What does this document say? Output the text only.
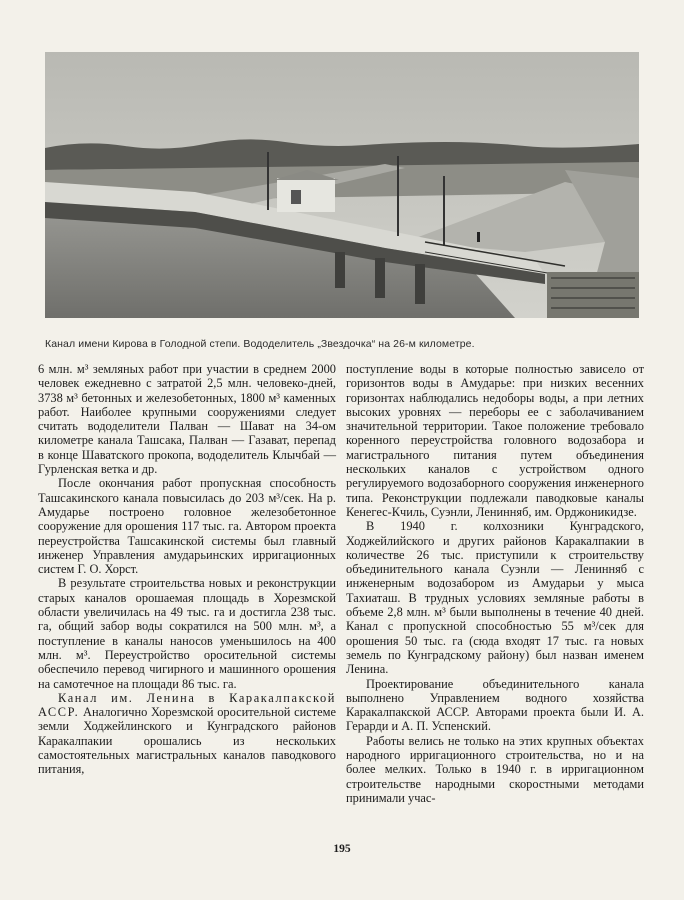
Канал имени Кирова в Голодной степи. Вододелитель „Звездочка“ на 26-м километре.

6 млн. м³ земляных работ при участии в среднем 2000 человек ежедневно с затратой 2,5 млн. человеко-дней, 3738 м³ бетонных и железобетонных, 1800 м³ каменных работ. Наиболее крупными сооружениями следует считать вододелители Палван — Шават на 34-ом километре канала Ташсака, Палван — Газават, перепад в конце Шаватского прокопа, вододелитель Клычбай — Гурленская ветка и др.

После окончания работ пропускная способность Ташсакинского канала повысилась до 203 м³/сек. На р. Амударье построено головное железобетонное сооружение для орошения 117 тыс. га. Автором проекта переустройства Ташсакинской системы был главный инженер Управления амударьинских ирригационных систем Г. О. Хорст.

В результате строительства новых и реконструкции старых каналов орошаемая площадь в Хорезмской области увеличилась на 49 тыс. га и достигла 238 тыс. га, общий забор воды сократился на 500 млн. м³, а поступление в каналы наносов уменьшилось на 400 млн. м³. Переустройство оросительной системы обеспечило перевод чигирного и машинного орошения на самотечное на площади 86 тыс. га.

Канал им. Ленина в Каракалпакской АССР. Аналогично Хорезмской оросительной системе земли Ходжейлинского и Кунградского районов Каракалпакии орошались из нескольких самостоятельных магистральных каналов паводкового питания,

поступление воды в которые полностью зависело от горизонтов воды в Амударье: при низких весенних горизонтах наблюдались недоборы воды, а при летних высоких уровнях — переборы ее с заболачиванием значительной территории. Такое положение требовало коренного переустройства головного водозабора и магистрального питания путем объединения нескольких каналов с устройством одного регулируемого водозаборного сооружения инженерного типа. Реконструкции подлежали паводковые каналы Кенегес-Кчиль, Суэнли, Ленинняб, им. Орджоникидзе.

В 1940 г. колхозники Кунградского, Ходжейлийского и других районов Каракалпакии в количестве 26 тыс. приступили к строительству объединительного канала Суэнли — Ленинняб с инженерным водозабором из Амударьи у мыса Тахиаташ. В трудных условиях земляные работы в объеме 2,8 млн. м³ были выполнены в течение 40 дней. Канал с пропускной способностью 55 м³/сек для орошения 50 тыс. га (сюда входят 17 тыс. га новых земель по Кунградскому району) был назван именем Ленина.

Проектирование объединительного канала выполнено Управлением водного хозяйства Каракалпакской АССР. Авторами проекта были И. А. Герарди и А. П. Успенский.

Работы велись не только на этих крупных объектах народного ирригационного строительства, но и на более мелких. Только в 1940 г. в ирригационном строительстве народными скоростными методами принимали учас-

195
